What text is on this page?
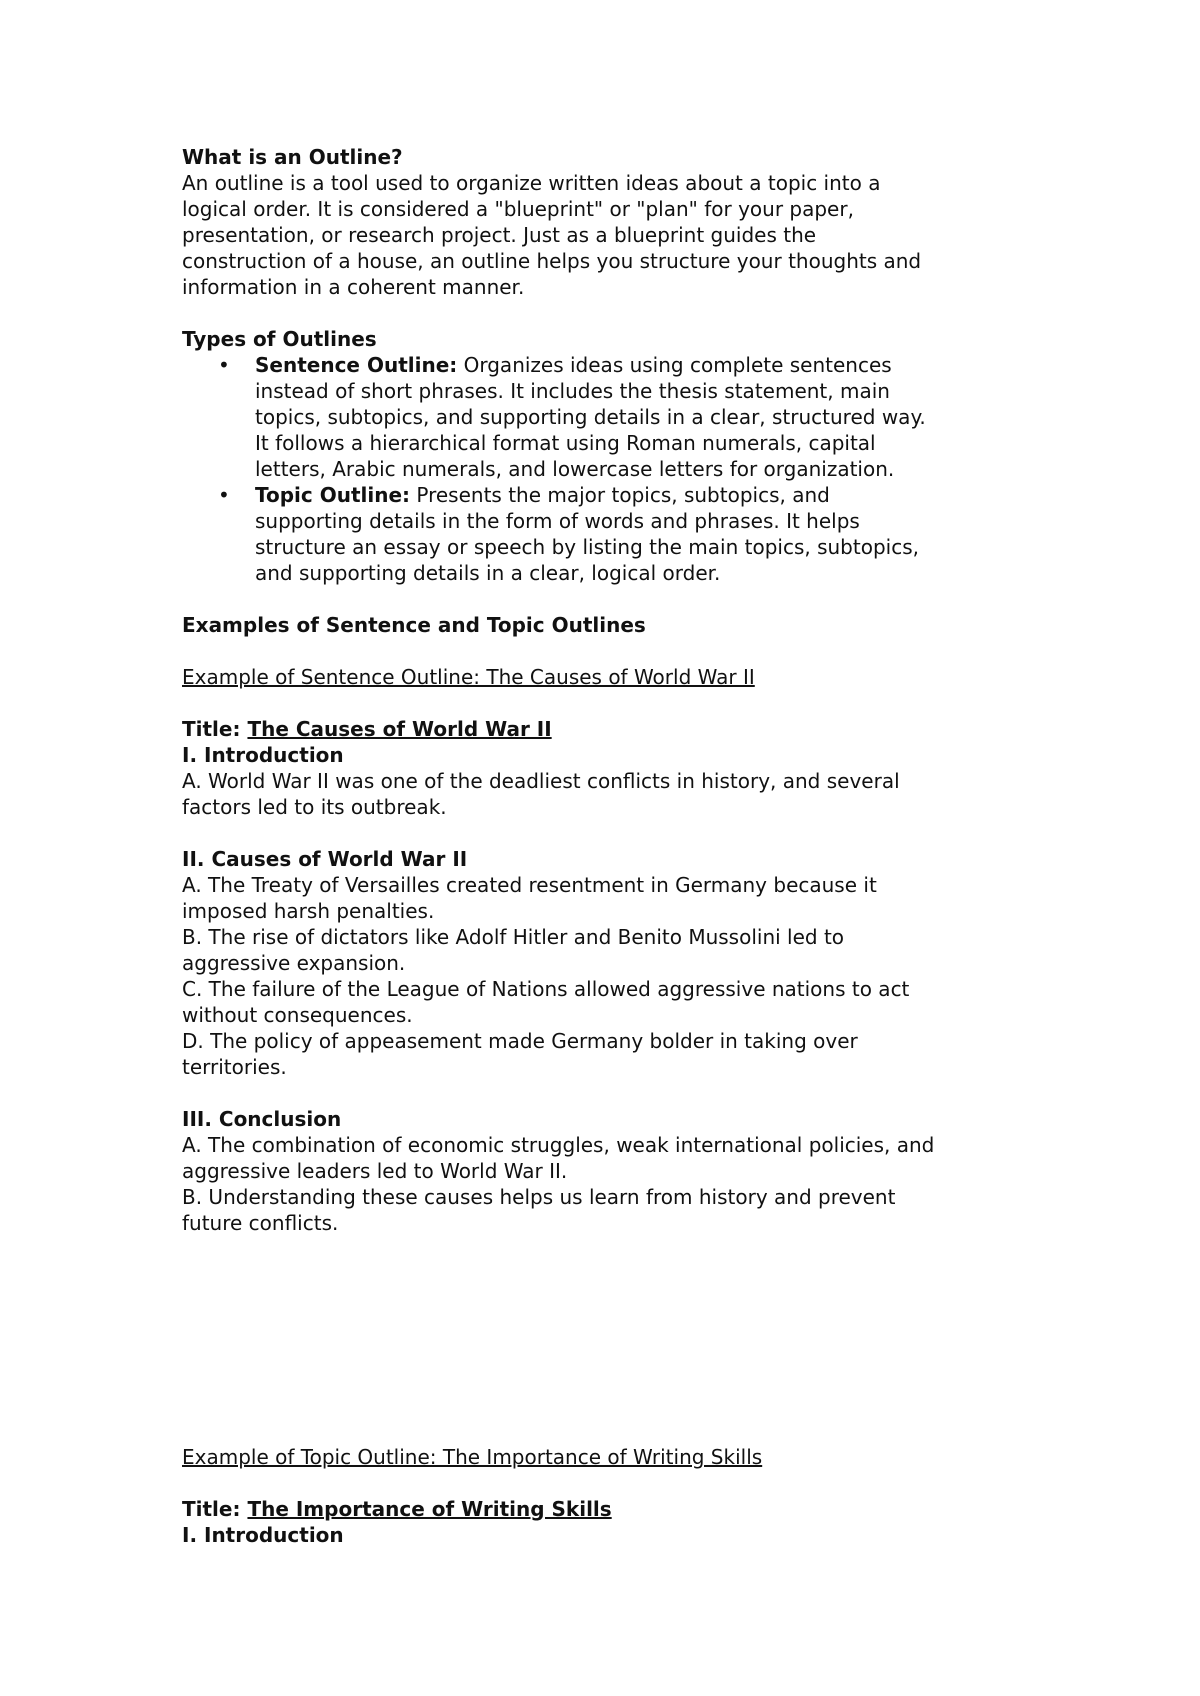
What is an Outline?

An outline is a tool used to organize written ideas about a topic into a

logical order. It is considered a "blueprint" or "plan" for your paper,

presentation, or research project. Just as a blueprint guides the

construction of a house, an outline helps you structure your thoughts and

information in a coherent manner.

Types of Outlines

• Sentence Outline: Organizes ideas using complete sentences

instead of short phrases. It includes the thesis statement, main

topics, subtopics, and supporting details in a clear, structured way.

It follows a hierarchical format using Roman numerals, capital

letters, Arabic numerals, and lowercase letters for organization.

• Topic Outline: Presents the major topics, subtopics, and

supporting details in the form of words and phrases. It helps

structure an essay or speech by listing the main topics, subtopics,

and supporting details in a clear, logical order.

Examples of Sentence and Topic Outlines

Example of Sentence Outline: The Causes of World War II

Title: The Causes of World War II

I. Introduction

A. World War II was one of the deadliest conflicts in history, and several

factors led to its outbreak.

II. Causes of World War II

A. The Treaty of Versailles created resentment in Germany because it

imposed harsh penalties.

B. The rise of dictators like Adolf Hitler and Benito Mussolini led to

aggressive expansion.

C. The failure of the League of Nations allowed aggressive nations to act

without consequences.

D. The policy of appeasement made Germany bolder in taking over

territories.

III. Conclusion

A. The combination of economic struggles, weak international policies, and

aggressive leaders led to World War II.

B. Understanding these causes helps us learn from history and prevent

future conflicts.

Example of Topic Outline: The Importance of Writing Skills

Title: The Importance of Writing Skills

I. Introduction
